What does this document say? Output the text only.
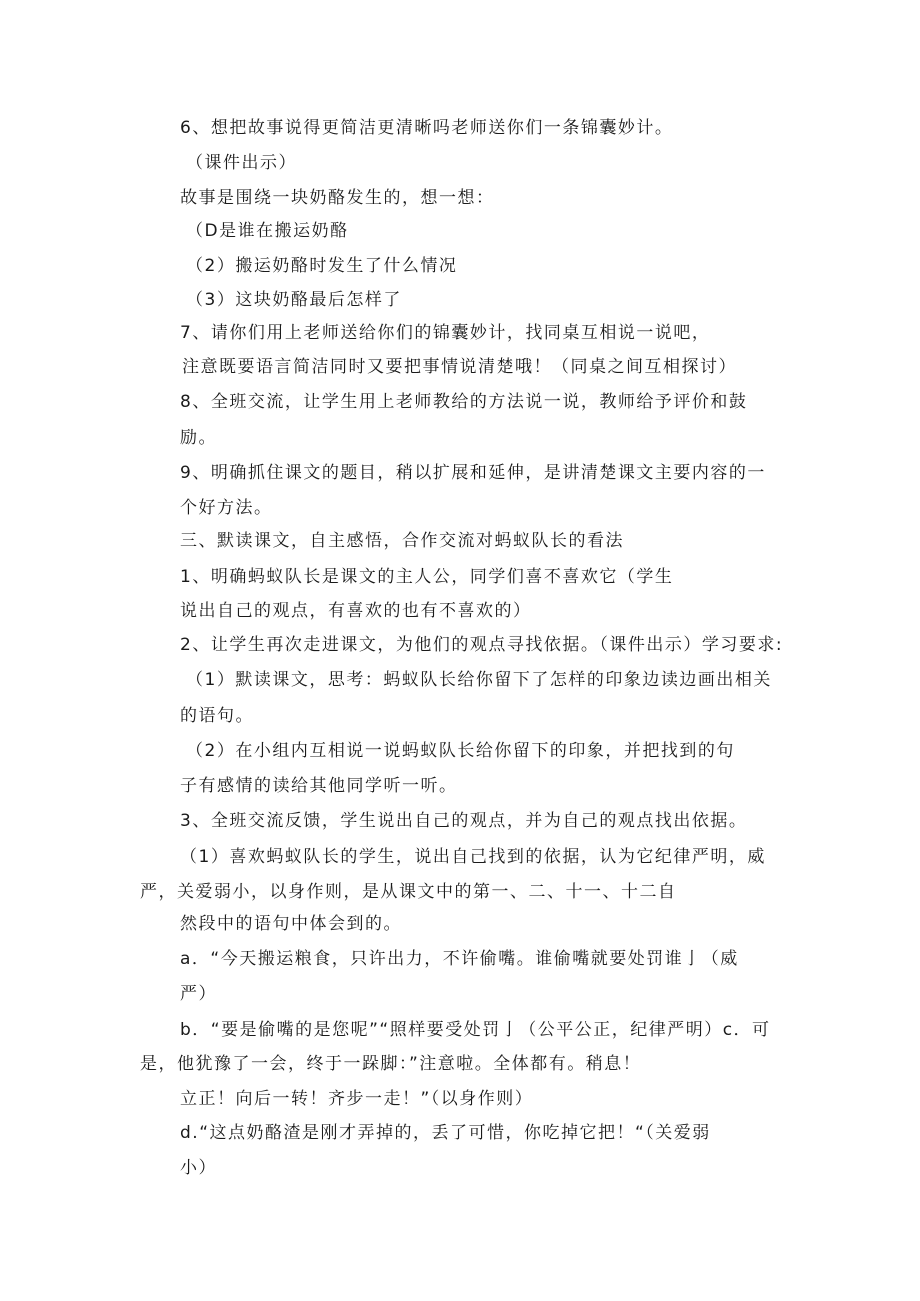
6、想把故事说得更简洁更清晰吗老师送你们一条锦囊妙计。
（课件出示）
故事是围绕一块奶酪发生的，想一想：
（D是谁在搬运奶酪
（2）搬运奶酪时发生了什么情况
（3）这块奶酪最后怎样了
7、请你们用上老师送给你们的锦囊妙计，找同桌互相说一说吧，
注意既要语言简洁同时又要把事情说清楚哦！（同桌之间互相探讨）
8、全班交流，让学生用上老师教给的方法说一说，教师给予评价和鼓
励。
9、明确抓住课文的题目，稍以扩展和延伸，是讲清楚课文主要内容的一
个好方法。
三、默读课文，自主感悟，合作交流对蚂蚁队长的看法
1、明确蚂蚁队长是课文的主人公，同学们喜不喜欢它（学生
说出自己的观点，有喜欢的也有不喜欢的）
2、让学生再次走进课文，为他们的观点寻找依据。（课件出示）学习要求:
（1）默读课文，思考：蚂蚁队长给你留下了怎样的印象边读边画出相关
的语句。
（2）在小组内互相说一说蚂蚁队长给你留下的印象，并把找到的句
子有感情的读给其他同学听一听。
3、全班交流反馈，学生说出自己的观点，并为自己的观点找出依据。
（1）喜欢蚂蚁队长的学生，说出自己找到的依据，认为它纪律严明，威
严，关爱弱小，以身作则，是从课文中的第一、二、十一、十二自
然段中的语句中体会到的。
a．“今天搬运粮食，只许出力，不许偷嘴。谁偷嘴就要处罚谁亅（威
严）
b．“要是偷嘴的是您呢”“照样要受处罚亅（公平公正，纪律严明）c．可
是，他犹豫了一会，终于一跺脚：”注意啦。全体都有。稍息！
立正！向后一转！齐步一走！”（以身作则）
d.“这点奶酪渣是刚才弄掉的，丢了可惜，你吃掉它把！“（关爱弱
小）
